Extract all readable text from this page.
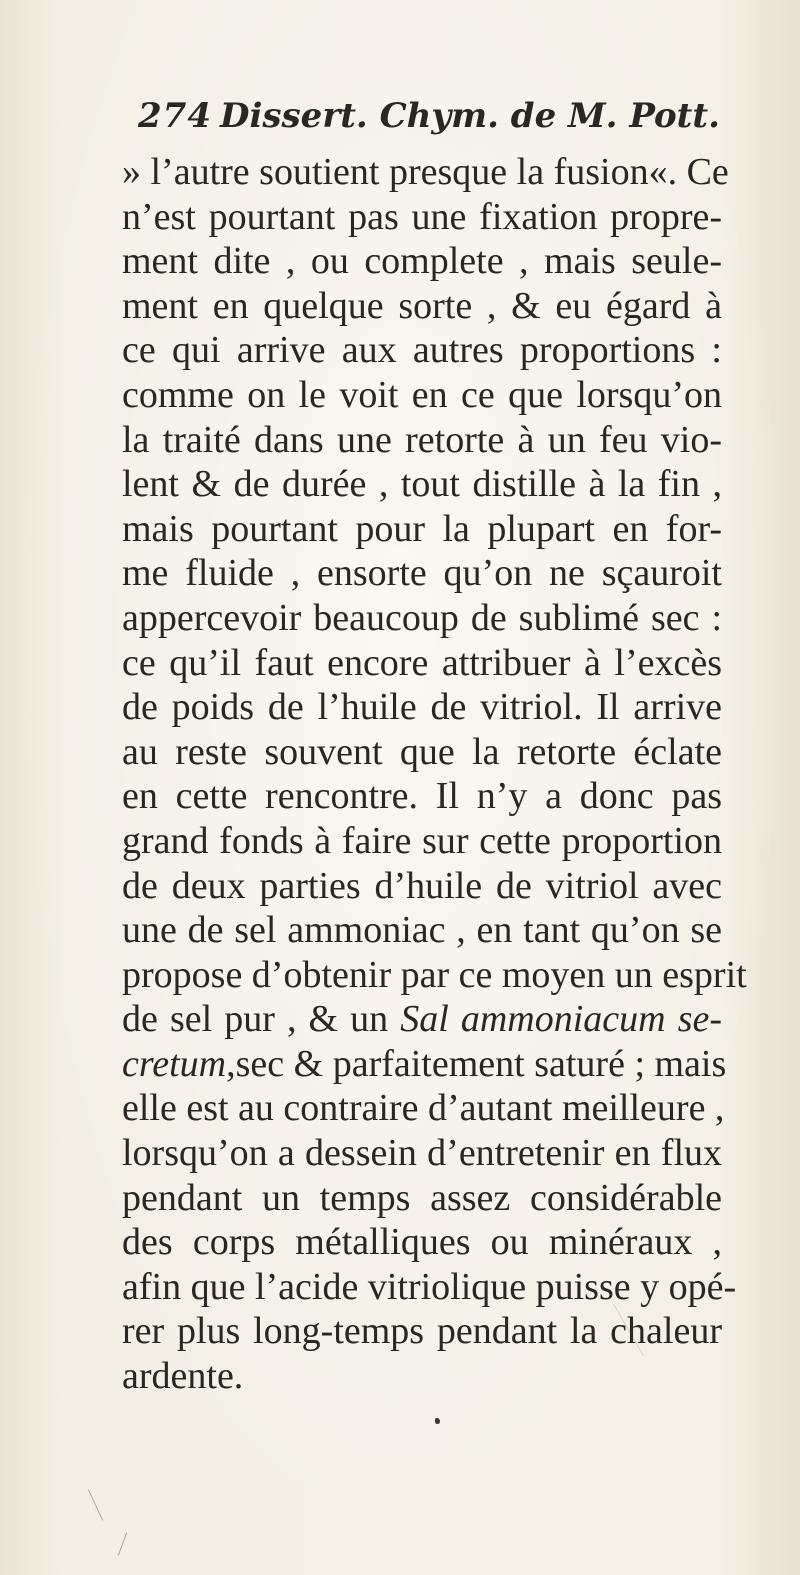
274 Dissert. Chym. de M. Pott.
» l’autre soutient presque la fusion«. Ce
n’est pourtant pas une fixation propre-
ment dite , ou complete , mais seule-
ment en quelque sorte , & eu égard à
ce qui arrive aux autres proportions :
comme on le voit en ce que lorsqu’on
la traité dans une retorte à un feu vio-
lent & de durée , tout distille à la fin ,
mais pourtant pour la plupart en for-
me fluide , ensorte qu’on ne sçauroit
appercevoir beaucoup de sublimé sec :
ce qu’il faut encore attribuer à l’excès
de poids de l’huile de vitriol. Il arrive
au reste souvent que la retorte éclate
en cette rencontre. Il n’y a donc pas
grand fonds à faire sur cette proportion
de deux parties d’huile de vitriol avec
une de sel ammoniac , en tant qu’on se
propose d’obtenir par ce moyen un esprit
de sel pur , & un Sal ammoniacum se-
cretum,sec & parfaitement saturé ; mais
elle est au contraire d’autant meilleure ,
lorsqu’on a dessein d’entretenir en flux
pendant un temps assez considérable
des corps métalliques ou minéraux ,
afin que l’acide vitriolique puisse y opé-
rer plus long-temps pendant la chaleur
ardente.
